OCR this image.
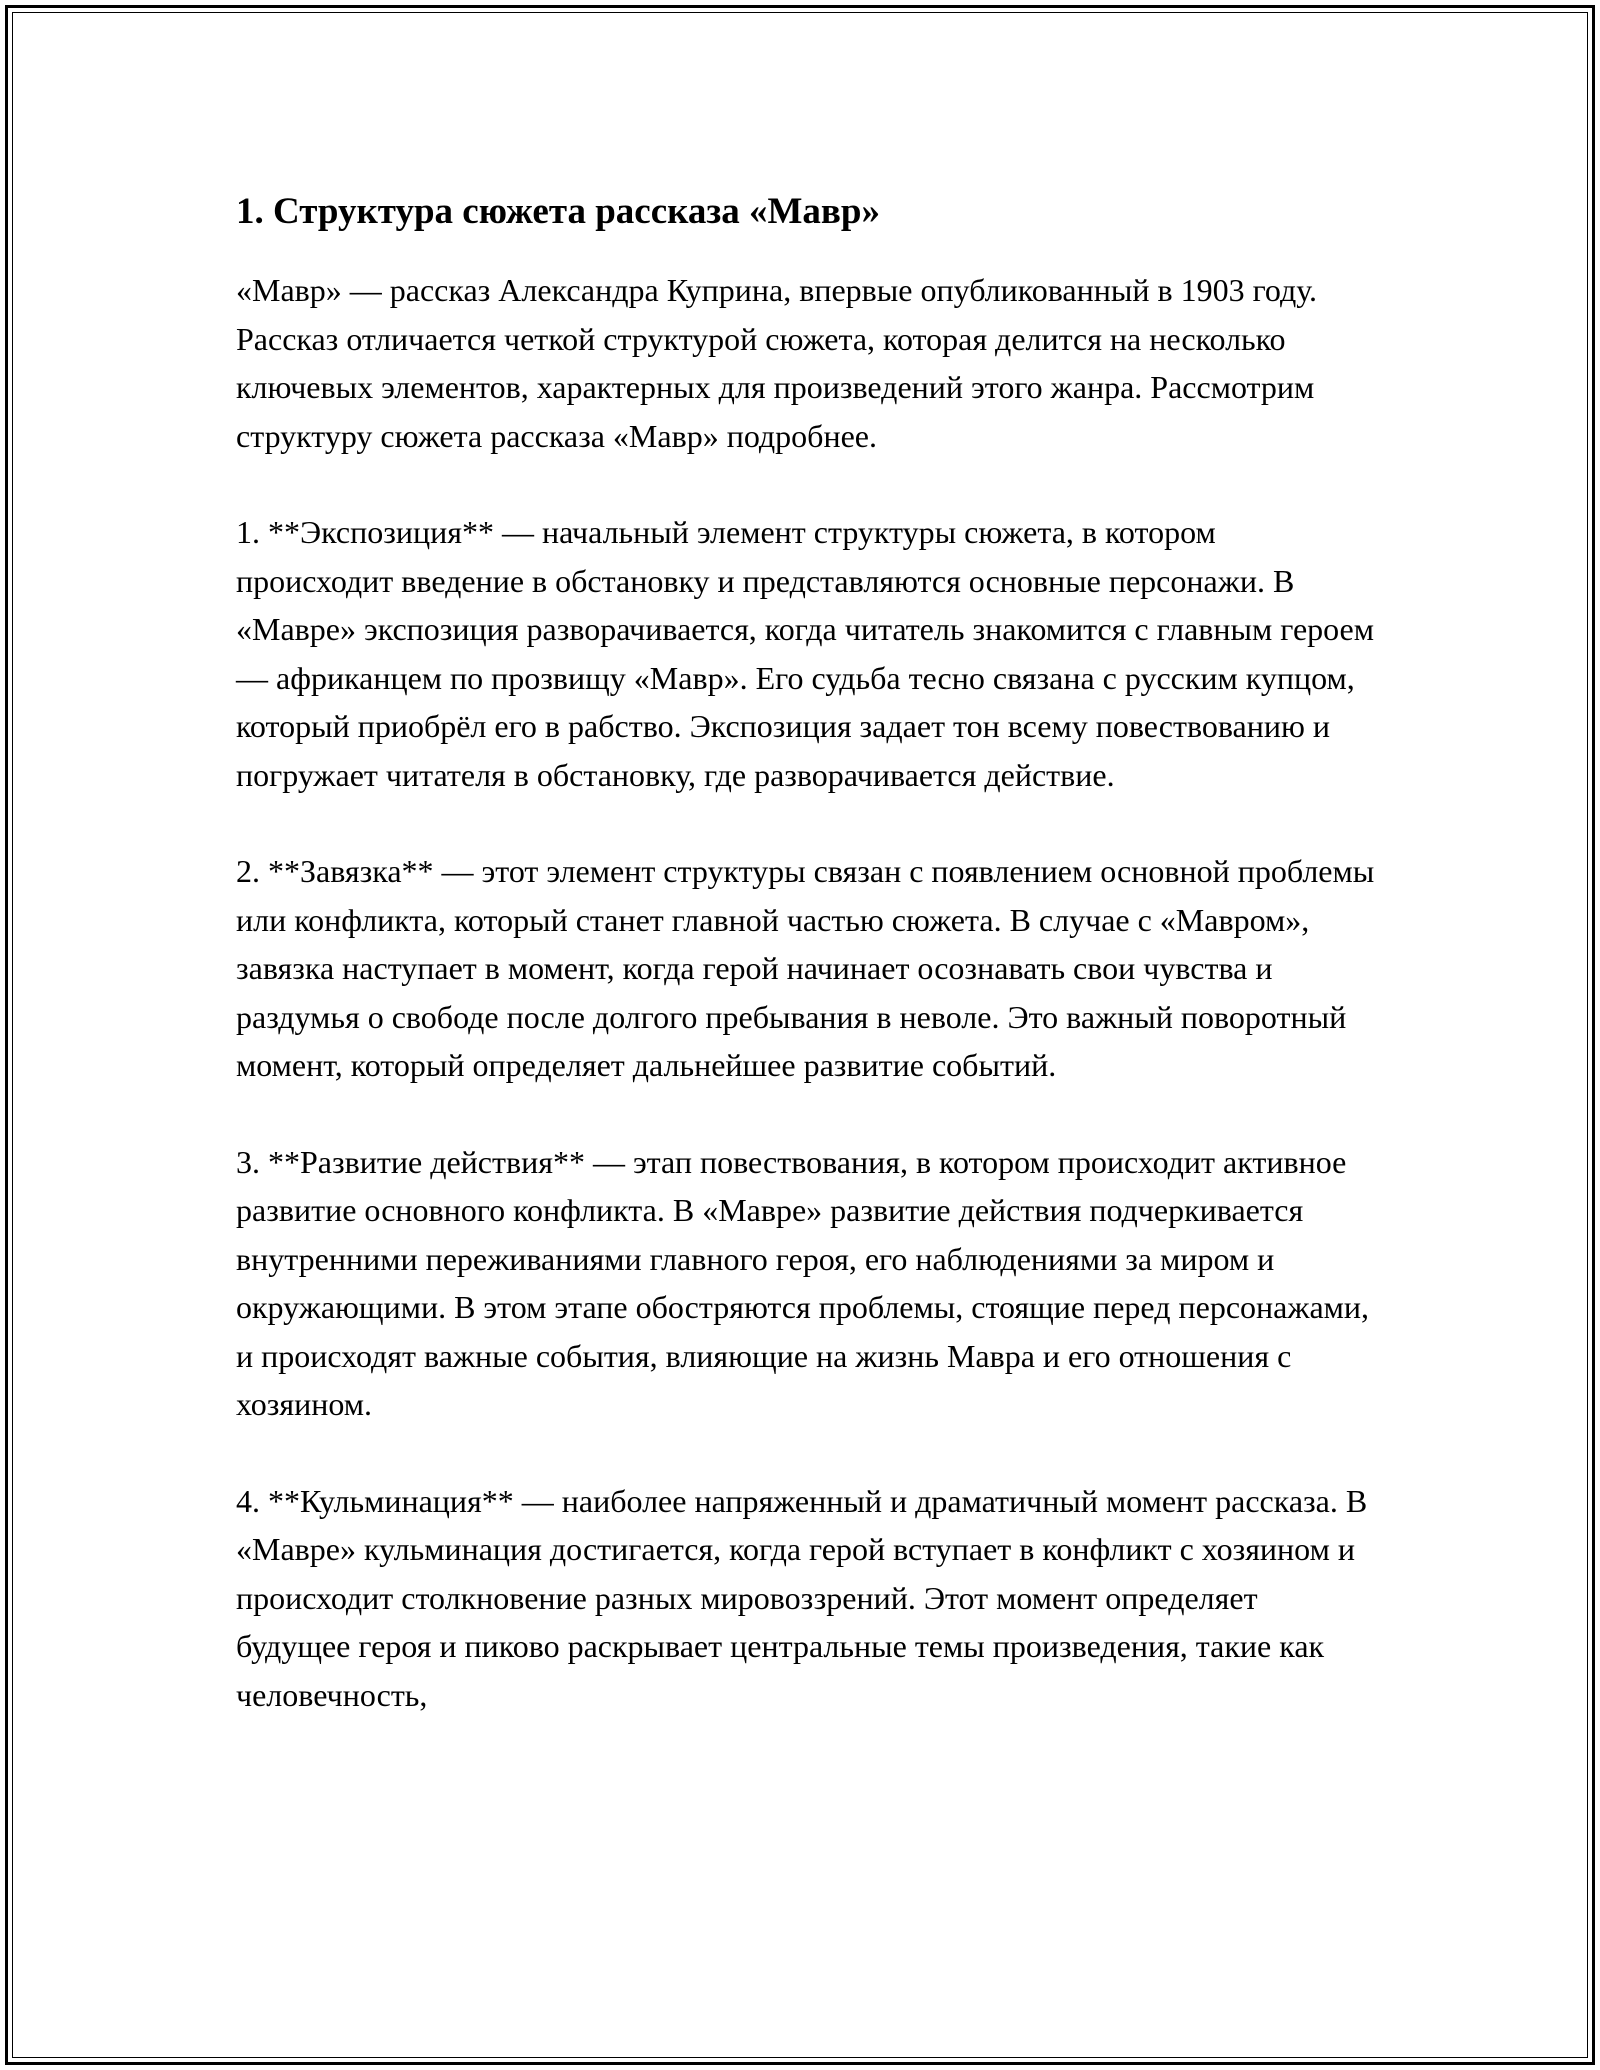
1. Структура сюжета рассказа «Мавр»

«Мавр» — рассказ Александра Куприна, впервые опубликованный в 1903 году. Рассказ отличается четкой структурой сюжета, которая делится на несколько ключевых элементов, характерных для произведений этого жанра. Рассмотрим структуру сюжета рассказа «Мавр» подробнее.

1. **Экспозиция** — начальный элемент структуры сюжета, в котором происходит введение в обстановку и представляются основные персонажи. В «Мавре» экспозиция разворачивается, когда читатель знакомится с главным героем — африканцем по прозвищу «Мавр». Его судьба тесно связана с русским купцом, который приобрёл его в рабство. Экспозиция задает тон всему повествованию и погружает читателя в обстановку, где разворачивается действие.

2. **Завязка** — этот элемент структуры связан с появлением основной проблемы или конфликта, который станет главной частью сюжета. В случае с «Мавром», завязка наступает в момент, когда герой начинает осознавать свои чувства и раздумья о свободе после долгого пребывания в неволе. Это важный поворотный момент, который определяет дальнейшее развитие событий.

3. **Развитие действия** — этап повествования, в котором происходит активное развитие основного конфликта. В «Мавре» развитие действия подчеркивается внутренними переживаниями главного героя, его наблюдениями за миром и окружающими. В этом этапе обостряются проблемы, стоящие перед персонажами, и происходят важные события, влияющие на жизнь Мавра и его отношения с хозяином.

4. **Кульминация** — наиболее напряженный и драматичный момент рассказа. В «Мавре» кульминация достигается, когда герой вступает в конфликт с хозяином и происходит столкновение разных мировоззрений. Этот момент определяет будущее героя и пиково раскрывает центральные темы произведения, такие как человечность,
